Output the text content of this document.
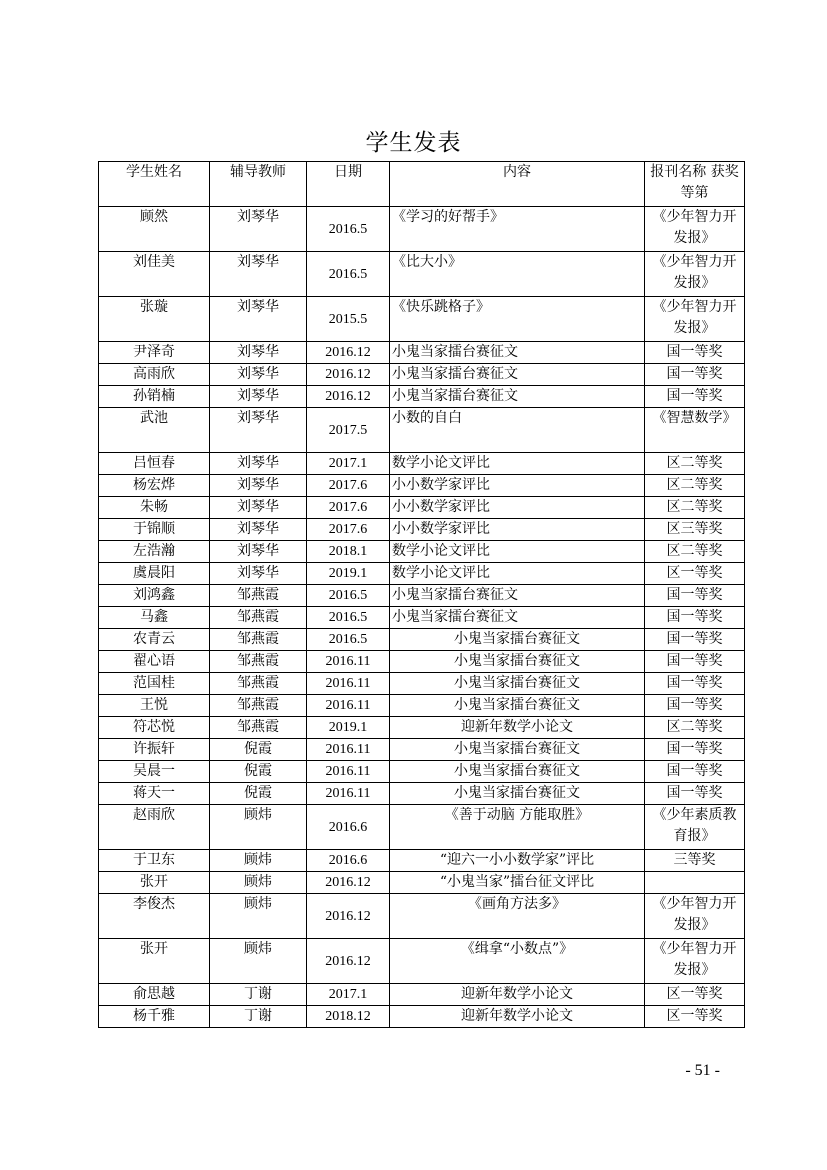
学生发表
学生姓名	辅导教师	日期	内容	报刊名称 获奖等第
顾然	刘琴华	2016.5	《学习的好帮手》	《少年智力开发报》
刘佳美	刘琴华	2016.5	《比大小》	《少年智力开发报》
张璇	刘琴华	2015.5	《快乐跳格子》	《少年智力开发报》
尹泽奇	刘琴华	2016.12	小鬼当家擂台赛征文	国一等奖
高雨欣	刘琴华	2016.12	小鬼当家擂台赛征文	国一等奖
孙销楠	刘琴华	2016.12	小鬼当家擂台赛征文	国一等奖
武池	刘琴华	2017.5	小数的自白	《智慧数学》
吕恒春	刘琴华	2017.1	数学小论文评比	区二等奖
杨宏烨	刘琴华	2017.6	小小数学家评比	区二等奖
朱畅	刘琴华	2017.6	小小数学家评比	区二等奖
于锦顺	刘琴华	2017.6	小小数学家评比	区三等奖
左浩瀚	刘琴华	2018.1	数学小论文评比	区二等奖
虞晨阳	刘琴华	2019.1	数学小论文评比	区一等奖
刘鸿鑫	邹燕霞	2016.5	小鬼当家擂台赛征文	国一等奖
马鑫	邹燕霞	2016.5	小鬼当家擂台赛征文	国一等奖
农青云	邹燕霞	2016.5	小鬼当家擂台赛征文	国一等奖
翟心语	邹燕霞	2016.11	小鬼当家擂台赛征文	国一等奖
范国桂	邹燕霞	2016.11	小鬼当家擂台赛征文	国一等奖
王悦	邹燕霞	2016.11	小鬼当家擂台赛征文	国一等奖
符芯悦	邹燕霞	2019.1	迎新年数学小论文	区二等奖
许振轩	倪霞	2016.11	小鬼当家擂台赛征文	国一等奖
吴晨一	倪霞	2016.11	小鬼当家擂台赛征文	国一等奖
蒋天一	倪霞	2016.11	小鬼当家擂台赛征文	国一等奖
赵雨欣	顾炜	2016.6	《善于动脑 方能取胜》	《少年素质教育报》
于卫东	顾炜	2016.6	“迎六一小小数学家”评比	三等奖
张开	顾炜	2016.12	“小鬼当家”擂台征文评比	
李俊杰	顾炜	2016.12	《画角方法多》	《少年智力开发报》
张开	顾炜	2016.12	《缉拿“小数点”》	《少年智力开发报》
俞思越	丁谢	2017.1	迎新年数学小论文	区一等奖
杨千雅	丁谢	2018.12	迎新年数学小论文	区一等奖
- 51 -
